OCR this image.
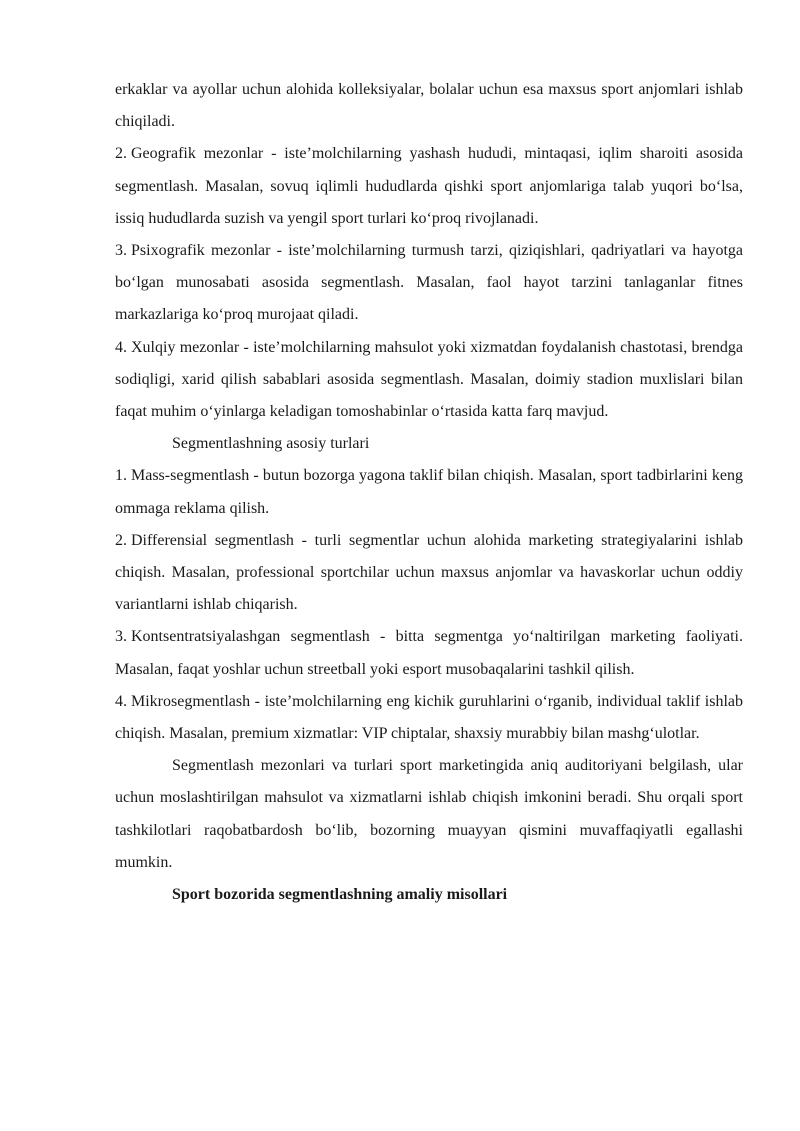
erkaklar va ayollar uchun alohida kolleksiyalar, bolalar uchun esa maxsus sport anjomlari ishlab chiqiladi.

2. Geografik mezonlar - iste’molchilarning yashash hududi, mintaqasi, iqlim sharoiti asosida segmentlash. Masalan, sovuq iqlimli hududlarda qishki sport anjomlariga talab yuqori bo‘lsa, issiq hududlarda suzish va yengil sport turlari ko‘proq rivojlanadi.

3. Psixografik mezonlar - iste’molchilarning turmush tarzi, qiziqishlari, qadriyatlari va hayotga bo‘lgan munosabati asosida segmentlash. Masalan, faol hayot tarzini tanlaganlar fitnes markazlariga ko‘proq murojaat qiladi.

4. Xulqiy mezonlar - iste’molchilarning mahsulot yoki xizmatdan foydalanish chastotasi, brendga sodiqligi, xarid qilish sabablari asosida segmentlash. Masalan, doimiy stadion muxlislari bilan faqat muhim o‘yinlarga keladigan tomoshabinlar o‘rtasida katta farq mavjud.

Segmentlashning asosiy turlari

1. Mass-segmentlash - butun bozorga yagona taklif bilan chiqish. Masalan, sport tadbirlarini keng ommaga reklama qilish.

2. Differensial segmentlash - turli segmentlar uchun alohida marketing strategiyalarini ishlab chiqish. Masalan, professional sportchilar uchun maxsus anjomlar va havaskorlar uchun oddiy variantlarni ishlab chiqarish.

3. Kontsentratsiyalashgan segmentlash - bitta segmentga yo‘naltirilgan marketing faoliyati. Masalan, faqat yoshlar uchun streetball yoki esport musobaqalarini tashkil qilish.

4. Mikrosegmentlash - iste’molchilarning eng kichik guruhlarini o‘rganib, individual taklif ishlab chiqish. Masalan, premium xizmatlar: VIP chiptalar, shaxsiy murabbiy bilan mashg‘ulotlar.

Segmentlash mezonlari va turlari sport marketingida aniq auditoriyani belgilash, ular uchun moslashtirilgan mahsulot va xizmatlarni ishlab chiqish imkonini beradi. Shu orqali sport tashkilotlari raqobatbardosh bo‘lib, bozorning muayyan qismini muvaffaqiyatli egallashi mumkin.

Sport bozorida segmentlashning amaliy misollari
